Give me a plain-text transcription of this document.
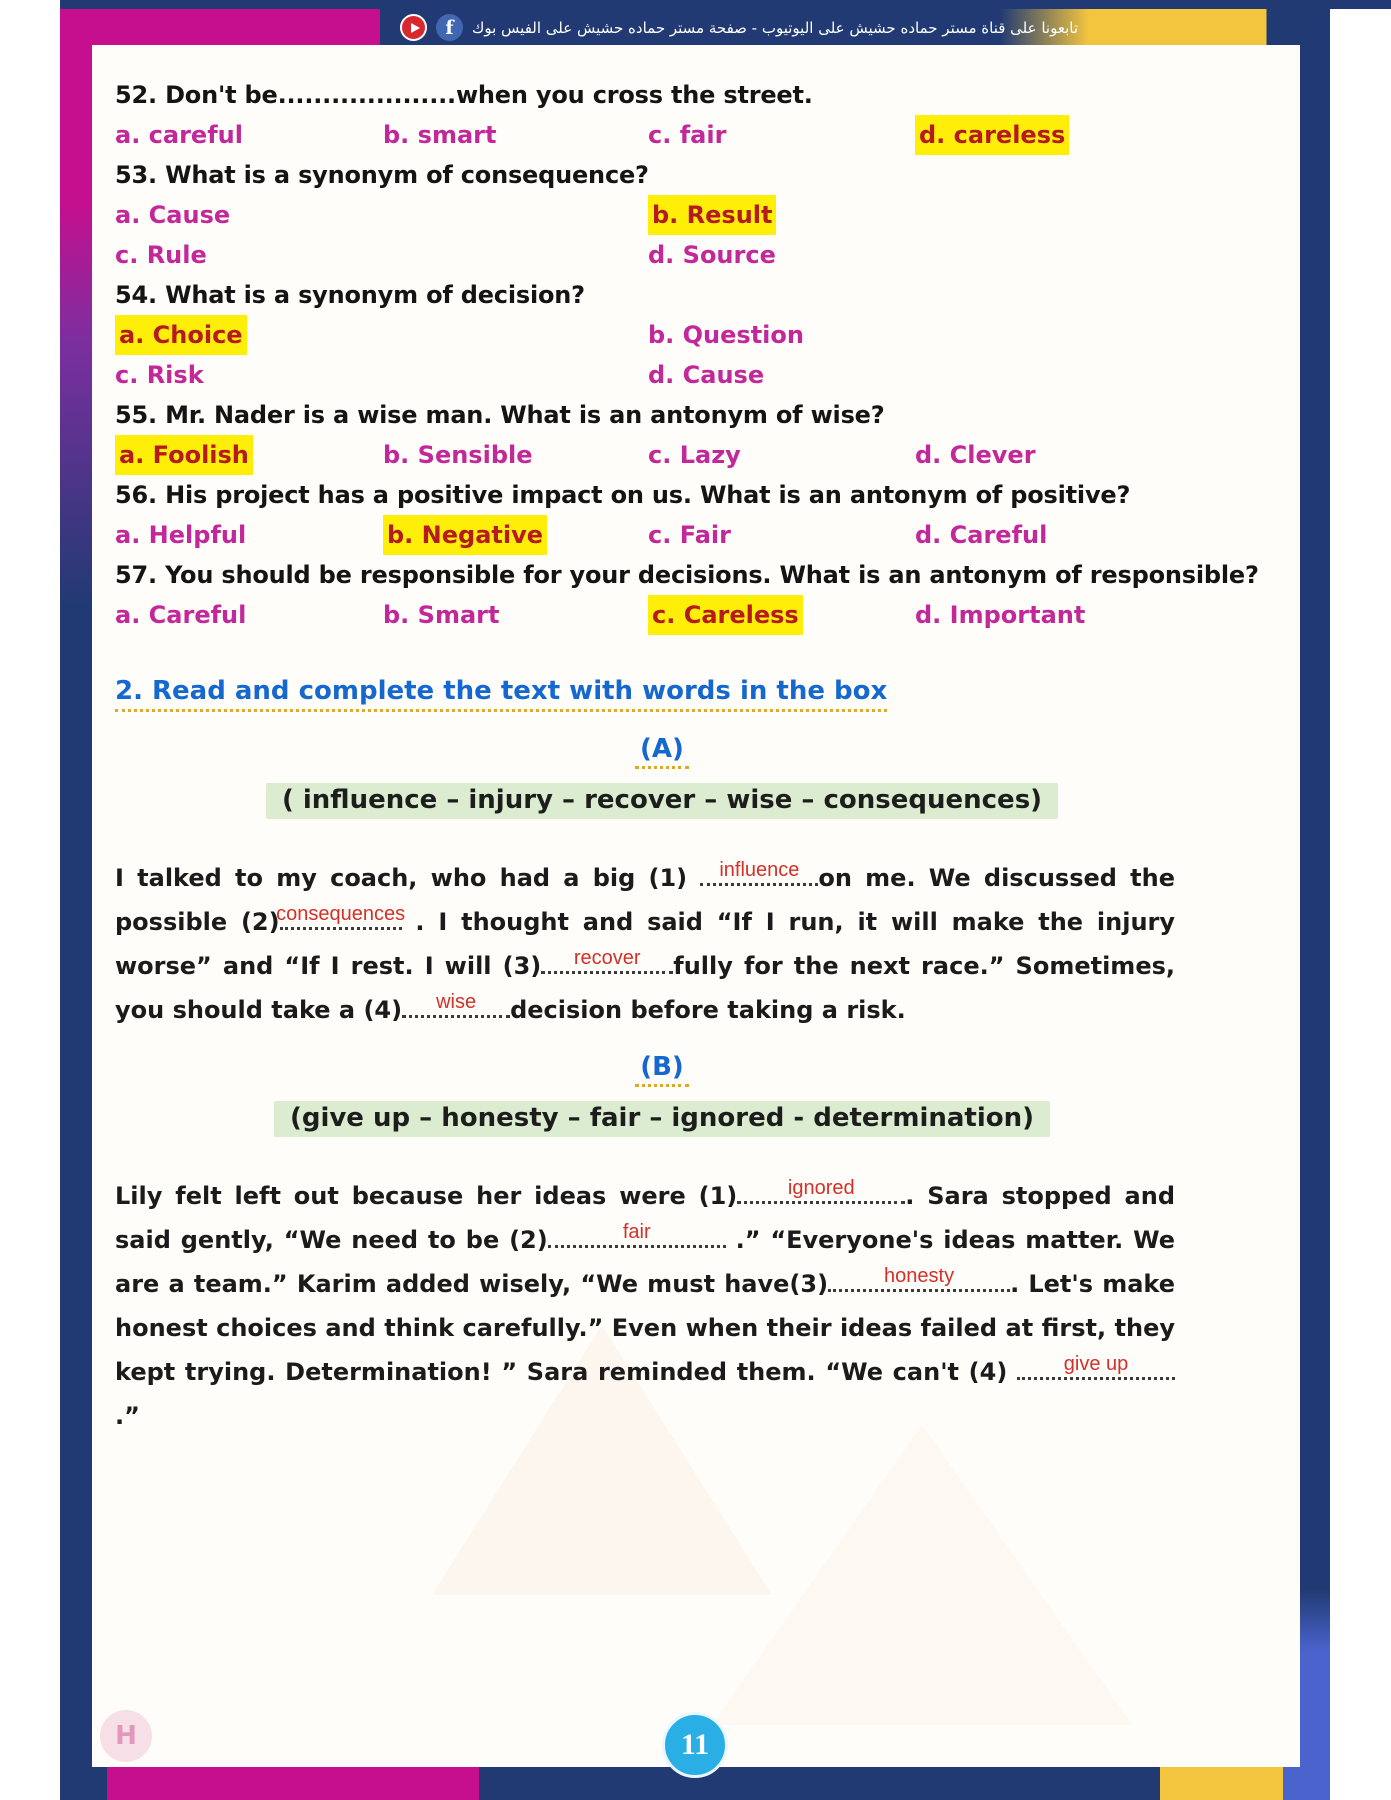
f	تابعونا على قناة مستر حماده حشيش على اليوتيوب - صفحة مستر حماده حشيش على الفيس بوك
52. Don't be....................when you cross the street.
a. careful	b. smart	c. fair	d. careless
53. What is a synonym of consequence?
a. Cause	b. Result
c. Rule	d. Source
54. What is a synonym of decision?
a. Choice	b. Question
c. Risk	d. Cause
55. Mr. Nader is a wise man. What is an antonym of wise?
a. Foolish	b. Sensible	c. Lazy	d. Clever
56. His project has a positive impact on us. What is an antonym of positive?
a. Helpful	b. Negative	c. Fair	d. Careful
57. You should be responsible for your decisions. What is an antonym of responsible?
a. Careful	b. Smart	c. Careless	d. Important
2. Read and complete the text with words in the box
(A)
( influence – injury – recover – wise – consequences)

I talked to my coach, who had a big (1) influence on me. We discussed the possible (2)
consequences
. I thought and said “If I run, it will make the injury worse” and “If I rest. I will (3) recover fully for the next race.” Sometimes, you should take a (4) wise decision before taking a risk.

(B)
(give up – honesty – fair – ignored - determination)

Lily felt left out because her ideas were (1)	ignored . Sara stopped and said gently, “We need to be (2)	fair	.” “Everyone's ideas matter. We are a team.” Karim added wisely, “We must have(3)	honesty . Let's make honest choices and think carefully.” Even when their ideas failed at first, they kept trying. Determination! ” Sara reminded them. “We can't (4) give up
.”

H	11
